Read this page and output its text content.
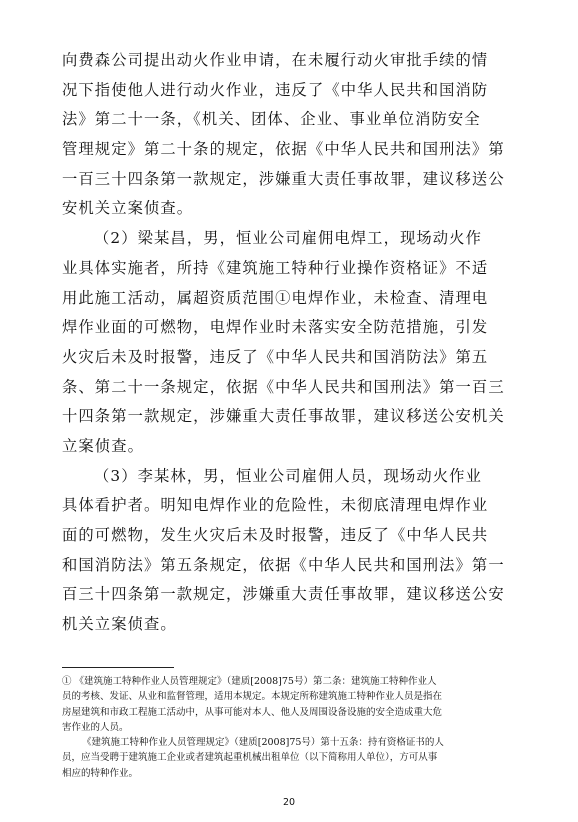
向费森公司提出动火作业申请，在未履行动火审批手续的情
况下指使他人进行动火作业，违反了《中华人民共和国消防
法》第二十一条，《机关、团体、企业、事业单位消防安全
管理规定》第二十条的规定，依据《中华人民共和国刑法》第
一百三十四条第一款规定，涉嫌重大责任事故罪，建议移送公
安机关立案侦查。
（2）梁某昌，男，恒业公司雇佣电焊工，现场动火作
业具体实施者，所持《建筑施工特种行业操作资格证》不适
用此施工活动，属超资质范围①电焊作业，未检查、清理电
焊作业面的可燃物，电焊作业时未落实安全防范措施，引发
火灾后未及时报警，违反了《中华人民共和国消防法》第五
条、第二十一条规定，依据《中华人民共和国刑法》第一百三
十四条第一款规定，涉嫌重大责任事故罪，建议移送公安机关
立案侦查。
（3）李某林，男，恒业公司雇佣人员，现场动火作业
具体看护者。明知电焊作业的危险性，未彻底清理电焊作业
面的可燃物，发生火灾后未及时报警，违反了《中华人民共
和国消防法》第五条规定，依据《中华人民共和国刑法》第一
百三十四条第一款规定，涉嫌重大责任事故罪，建议移送公安
机关立案侦查。
① 《建筑施工特种作业人员管理规定》（建质[2008]75号）第二条：建筑施工特种作业人
员的考核、发证、从业和监督管理，适用本规定。本规定所称建筑施工特种作业人员是指在
房屋建筑和市政工程施工活动中，从事可能对本人、他人及周围设备设施的安全造成重大危
害作业的人员。
《建筑施工特种作业人员管理规定》（建质[2008]75号）第十五条：持有资格证书的人
员，应当受聘于建筑施工企业或者建筑起重机械出租单位（以下简称用人单位），方可从事
相应的特种作业。
20
